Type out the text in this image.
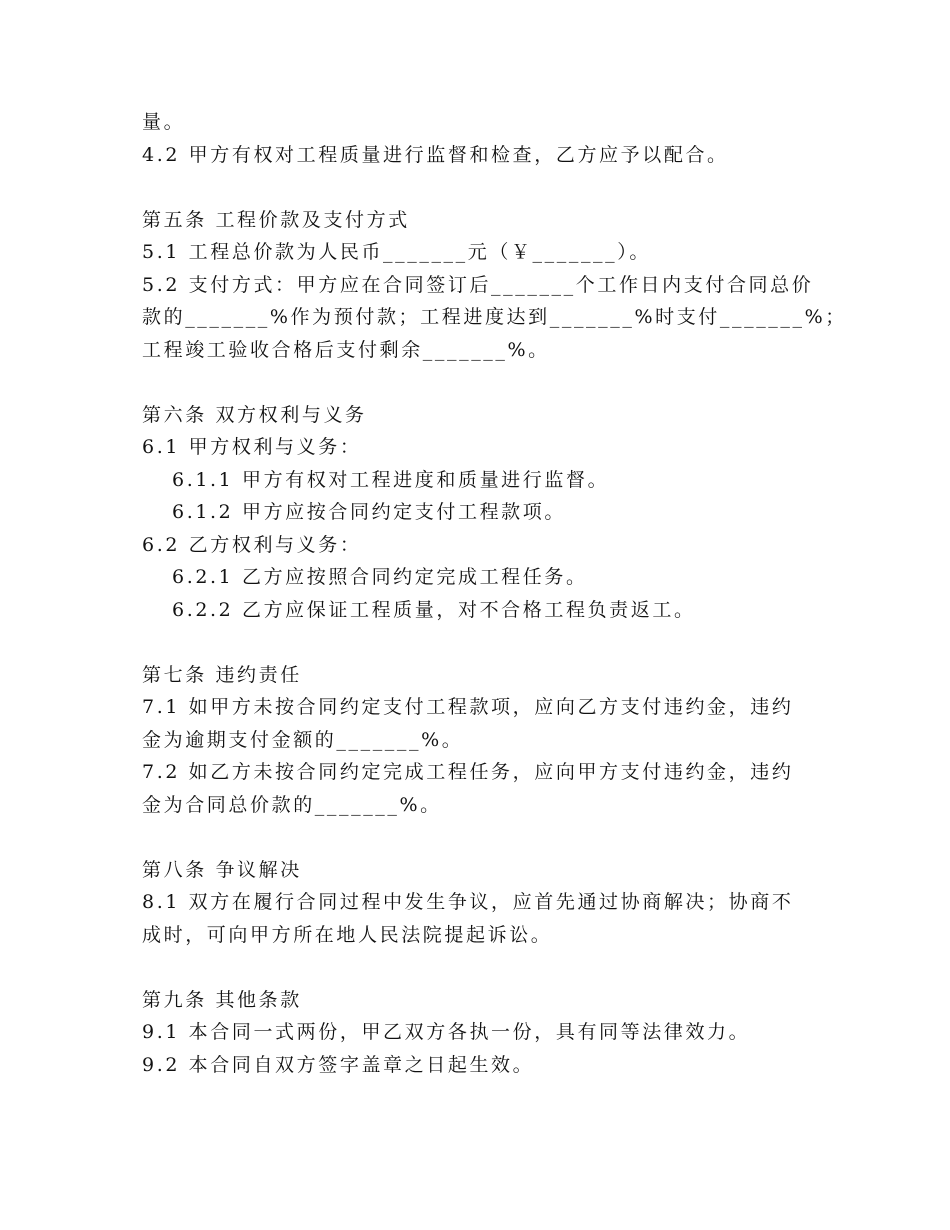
量。
4.2 甲方有权对工程质量进行监督和检查，乙方应予以配合。
第五条 工程价款及支付方式
5.1 工程总价款为人民币_______元（￥_______）。
5.2 支付方式：甲方应在合同签订后_______个工作日内支付合同总价
款的_______%作为预付款；工程进度达到_______%时支付_______%；
工程竣工验收合格后支付剩余_______%。
第六条 双方权利与义务
6.1 甲方权利与义务：
6.1.1 甲方有权对工程进度和质量进行监督。
6.1.2 甲方应按合同约定支付工程款项。
6.2 乙方权利与义务：
6.2.1 乙方应按照合同约定完成工程任务。
6.2.2 乙方应保证工程质量，对不合格工程负责返工。
第七条 违约责任
7.1 如甲方未按合同约定支付工程款项，应向乙方支付违约金，违约
金为逾期支付金额的_______%。
7.2 如乙方未按合同约定完成工程任务，应向甲方支付违约金，违约
金为合同总价款的_______%。
第八条 争议解决
8.1 双方在履行合同过程中发生争议，应首先通过协商解决；协商不
成时，可向甲方所在地人民法院提起诉讼。
第九条 其他条款
9.1 本合同一式两份，甲乙双方各执一份，具有同等法律效力。
9.2 本合同自双方签字盖章之日起生效。
